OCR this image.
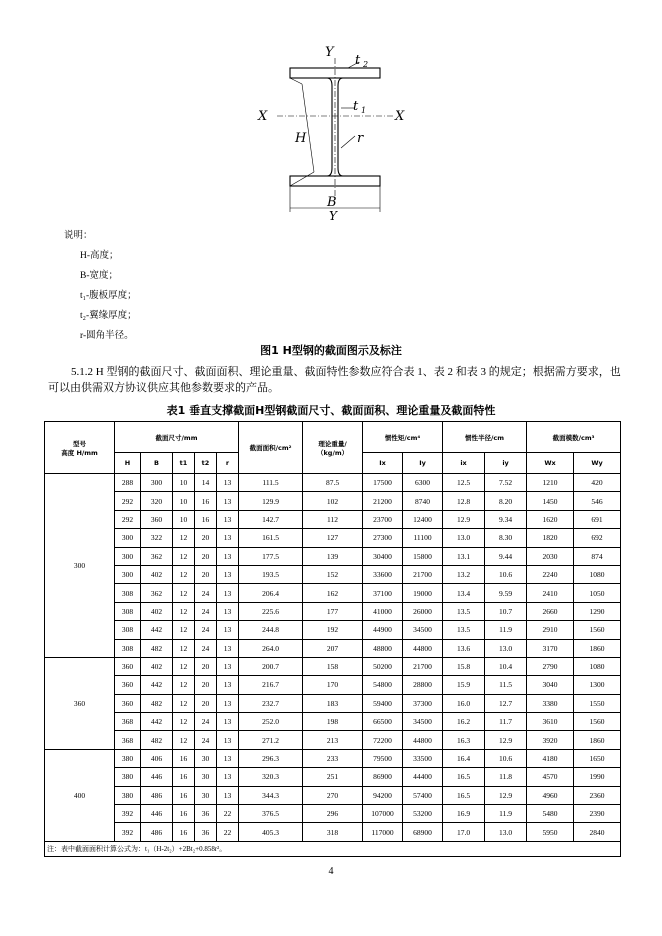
Y
Y
X	X
t 2
t 1
H	r
B
说明：
H-高度；
B-宽度；
t₁-腹板厚度；
t₂-翼缘厚度；
r-圆角半径。
图1 H型钢的截面图示及标注
5.1.2 H 型钢的截面尺寸、截面面积、理论重量、截面特性参数应符合表 1、表 2 和表 3 的规定；根据需方要求，也可以由供需双方协议供应其他参数要求的产品。
表1 垂直支撑截面H型钢截面尺寸、截面面积、理论重量及截面特性
型号
高度 H/mm	截面尺寸/mm					截面面积/cm²	理论重量/
（kg/m）	惯性矩/cm⁴		惯性半径/cm		截面模数/cm³	
	H	B	t1	t2	r			Ix	Iy	ix	iy	Wx	Wy
300	288	300	10	14	13	111.5	87.5	17500	6300	12.5	7.52	1210	420
	292	320	10	16	13	129.9	102	21200	8740	12.8	8.20	1450	546
	292	360	10	16	13	142.7	112	23700	12400	12.9	9.34	1620	691
	300	322	12	20	13	161.5	127	27300	11100	13.0	8.30	1820	692
	300	362	12	20	13	177.5	139	30400	15800	13.1	9.44	2030	874
	300	402	12	20	13	193.5	152	33600	21700	13.2	10.6	2240	1080
	308	362	12	24	13	206.4	162	37100	19000	13.4	9.59	2410	1050
	308	402	12	24	13	225.6	177	41000	26000	13.5	10.7	2660	1290
	308	442	12	24	13	244.8	192	44900	34500	13.5	11.9	2910	1560
	308	482	12	24	13	264.0	207	48800	44800	13.6	13.0	3170	1860
360	360	402	12	20	13	200.7	158	50200	21700	15.8	10.4	2790	1080
	360	442	12	20	13	216.7	170	54800	28800	15.9	11.5	3040	1300
	360	482	12	20	13	232.7	183	59400	37300	16.0	12.7	3380	1550
	368	442	12	24	13	252.0	198	66500	34500	16.2	11.7	3610	1560
	368	482	12	24	13	271.2	213	72200	44800	16.3	12.9	3920	1860
400	380	406	16	30	13	296.3	233	79500	33500	16.4	10.6	4180	1650
	380	446	16	30	13	320.3	251	86900	44400	16.5	11.8	4570	1990
	380	486	16	30	13	344.3	270	94200	57400	16.5	12.9	4960	2360
	392	446	16	36	22	376.5	296	107000	53200	16.9	11.9	5480	2390
	392	486	16	36	22	405.3	318	117000	68900	17.0	13.0	5950	2840
注：表中截面面积计算公式为：t₁（H-2t₂）+2Bt₂+0.858r²。													
4
